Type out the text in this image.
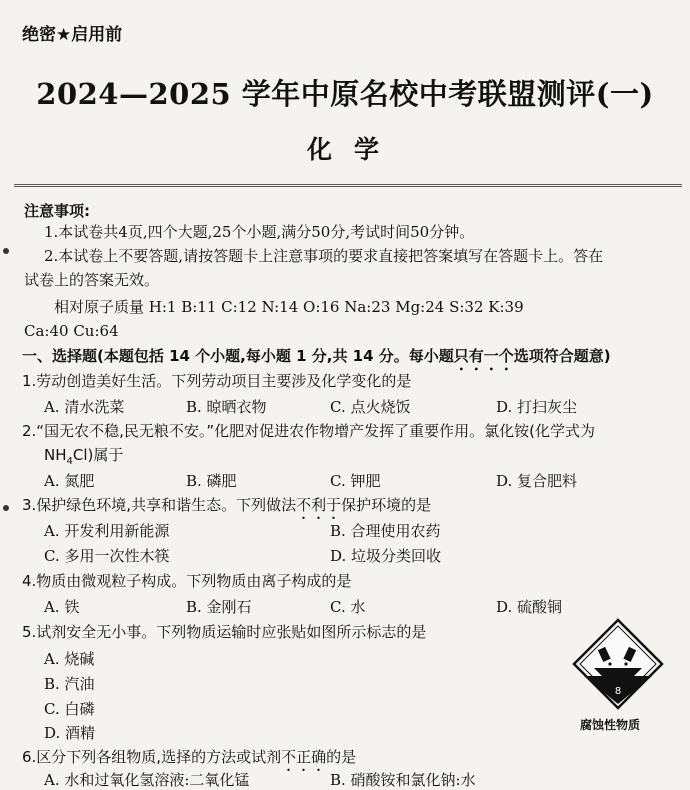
绝密★启用前
2024—2025 学年中原名校中考联盟测评(一)
化学
注意事项:
1.本试卷共4页,四个大题,25个小题,满分50分,考试时间50分钟。
2.本试卷上不要答题,请按答题卡上注意事项的要求直接把答案填写在答题卡上。答在
试卷上的答案无效。
相对原子质量 H:1 B:11 C:12 N:14 O:16 Na:23 Mg:24 S:32 K:39
Ca:40 Cu:64
一、选择题(本题包括 14 个小题,每小题 1 分,共 14 分。每小题只有一个选项符合题意)
1.劳动创造美好生活。下列劳动项目主要涉及化学变化的是
A. 清水洗菜	B. 晾晒衣物	C. 点火烧饭	D. 打扫灰尘
2.“国无农不稳,民无粮不安。”化肥对促进农作物增产发挥了重要作用。氯化铵(化学式为
$NH_4Cl$)属于
A. 氮肥	B. 磷肥	C. 钾肥	D. 复合肥料
3.保护绿色环境,共享和谐生态。下列做法不利于保护环境的是
A. 开发利用新能源	B. 合理使用农药
C. 多用一次性木筷	D. 垃圾分类回收
4.物质由微观粒子构成。下列物质由离子构成的是
A. 铁	B. 金刚石	C. 水	D. 硫酸铜
5.试剂安全无小事。下列物质运输时应张贴如图所示标志的是
A. 烧碱
B. 汽油
C. 白磷
D. 酒精
8
腐蚀性物质
6.区分下列各组物质,选择的方法或试剂不正确的是
A. 水和过氧化氢溶液:二氧化锰	B. 硝酸铵和氯化钠:水
